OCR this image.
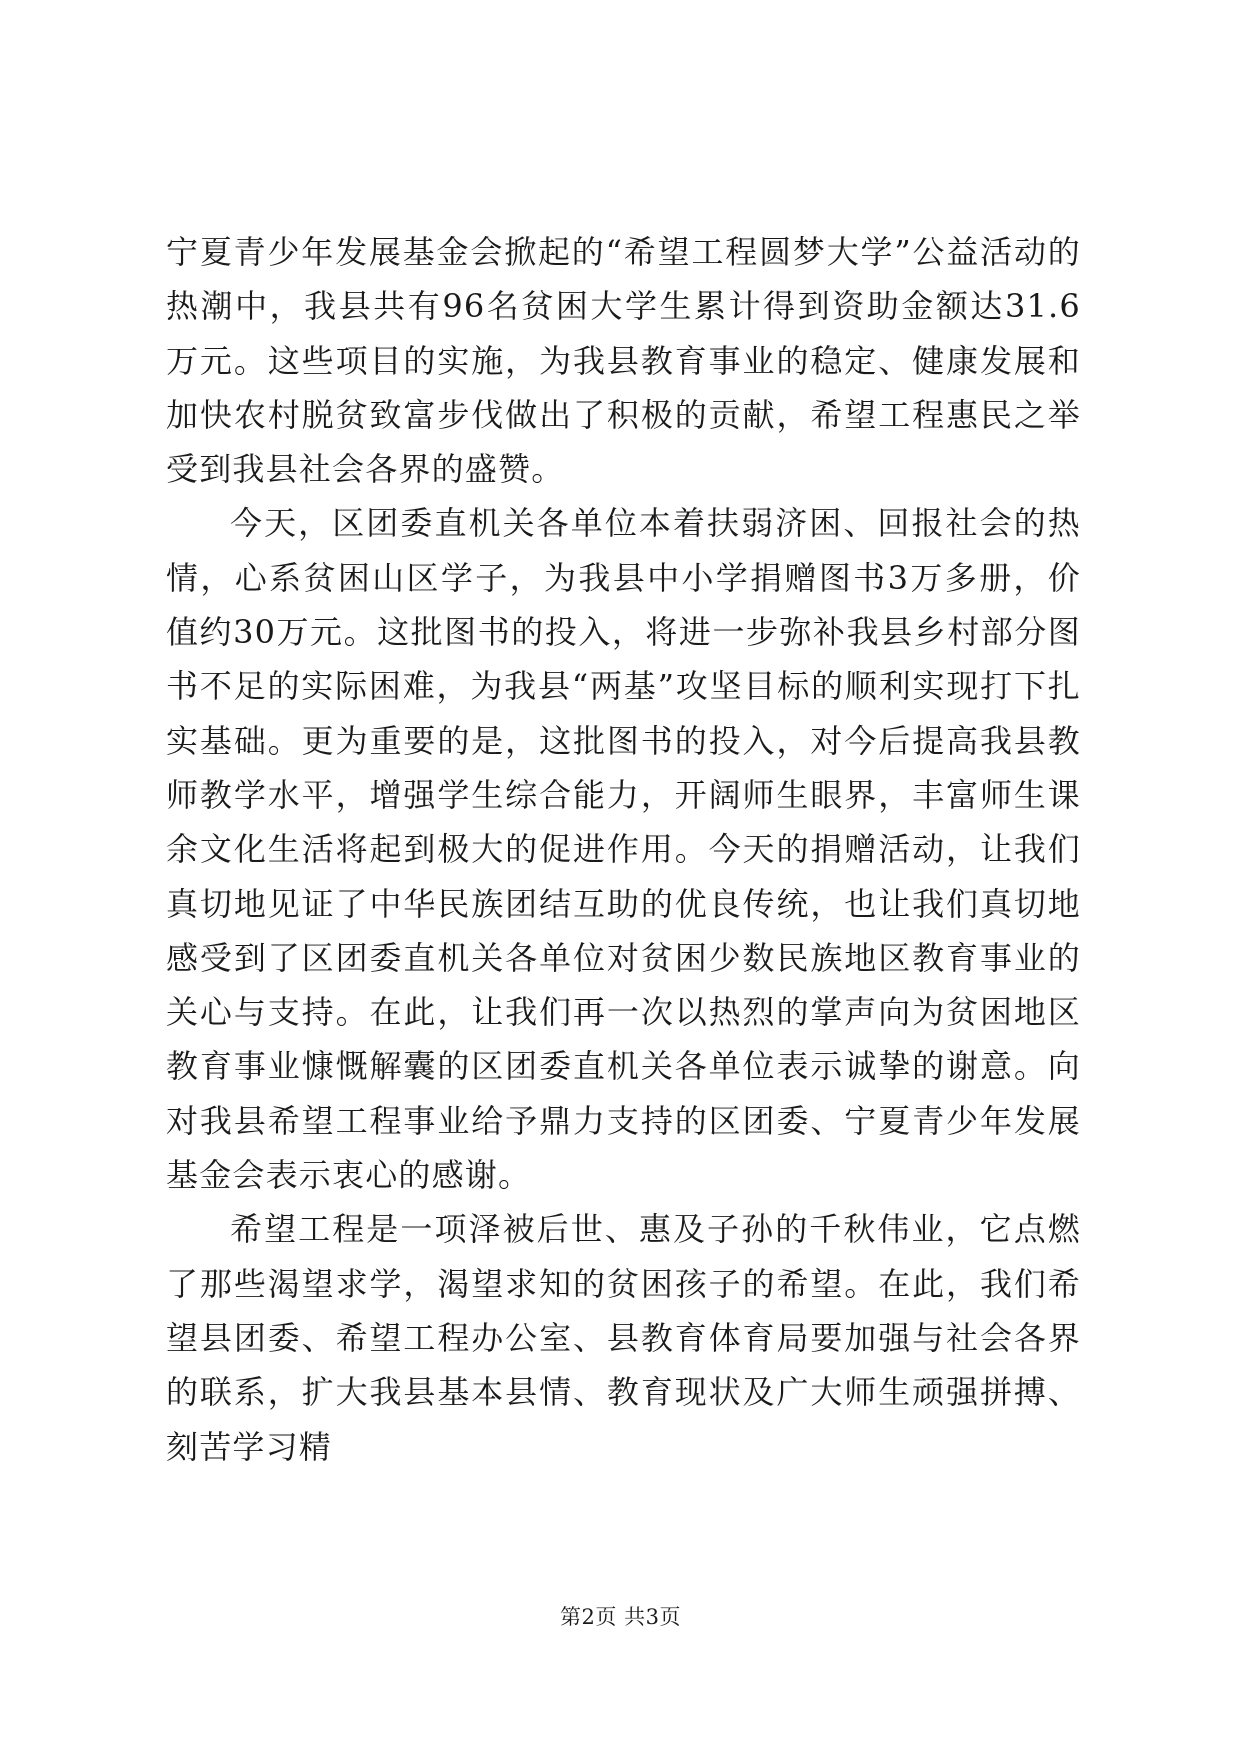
宁夏青少年发展基金会掀起的“希望工程圆梦大学”公益活动的热潮中，我县共有96名贫困大学生累计得到资助金额达31.6万元。这些项目的实施，为我县教育事业的稳定、健康发展和加快农村脱贫致富步伐做出了积极的贡献，希望工程惠民之举受到我县社会各界的盛赞。

今天，区团委直机关各单位本着扶弱济困、回报社会的热情，心系贫困山区学子，为我县中小学捐赠图书3万多册，价值约30万元。这批图书的投入，将进一步弥补我县乡村部分图书不足的实际困难，为我县“两基”攻坚目标的顺利实现打下扎实基础。更为重要的是，这批图书的投入，对今后提高我县教师教学水平，增强学生综合能力，开阔师生眼界，丰富师生课余文化生活将起到极大的促进作用。今天的捐赠活动，让我们真切地见证了中华民族团结互助的优良传统，也让我们真切地感受到了区团委直机关各单位对贫困少数民族地区教育事业的关心与支持。在此，让我们再一次以热烈的掌声向为贫困地区教育事业慷慨解囊的区团委直机关各单位表示诚挚的谢意。向对我县希望工程事业给予鼎力支持的区团委、宁夏青少年发展基金会表示衷心的感谢。

希望工程是一项泽被后世、惠及子孙的千秋伟业，它点燃了那些渴望求学，渴望求知的贫困孩子的希望。在此，我们希望县团委、希望工程办公室、县教育体育局要加强与社会各界的联系，扩大我县基本县情、教育现状及广大师生顽强拼搏、刻苦学习精

第2页 共3页
